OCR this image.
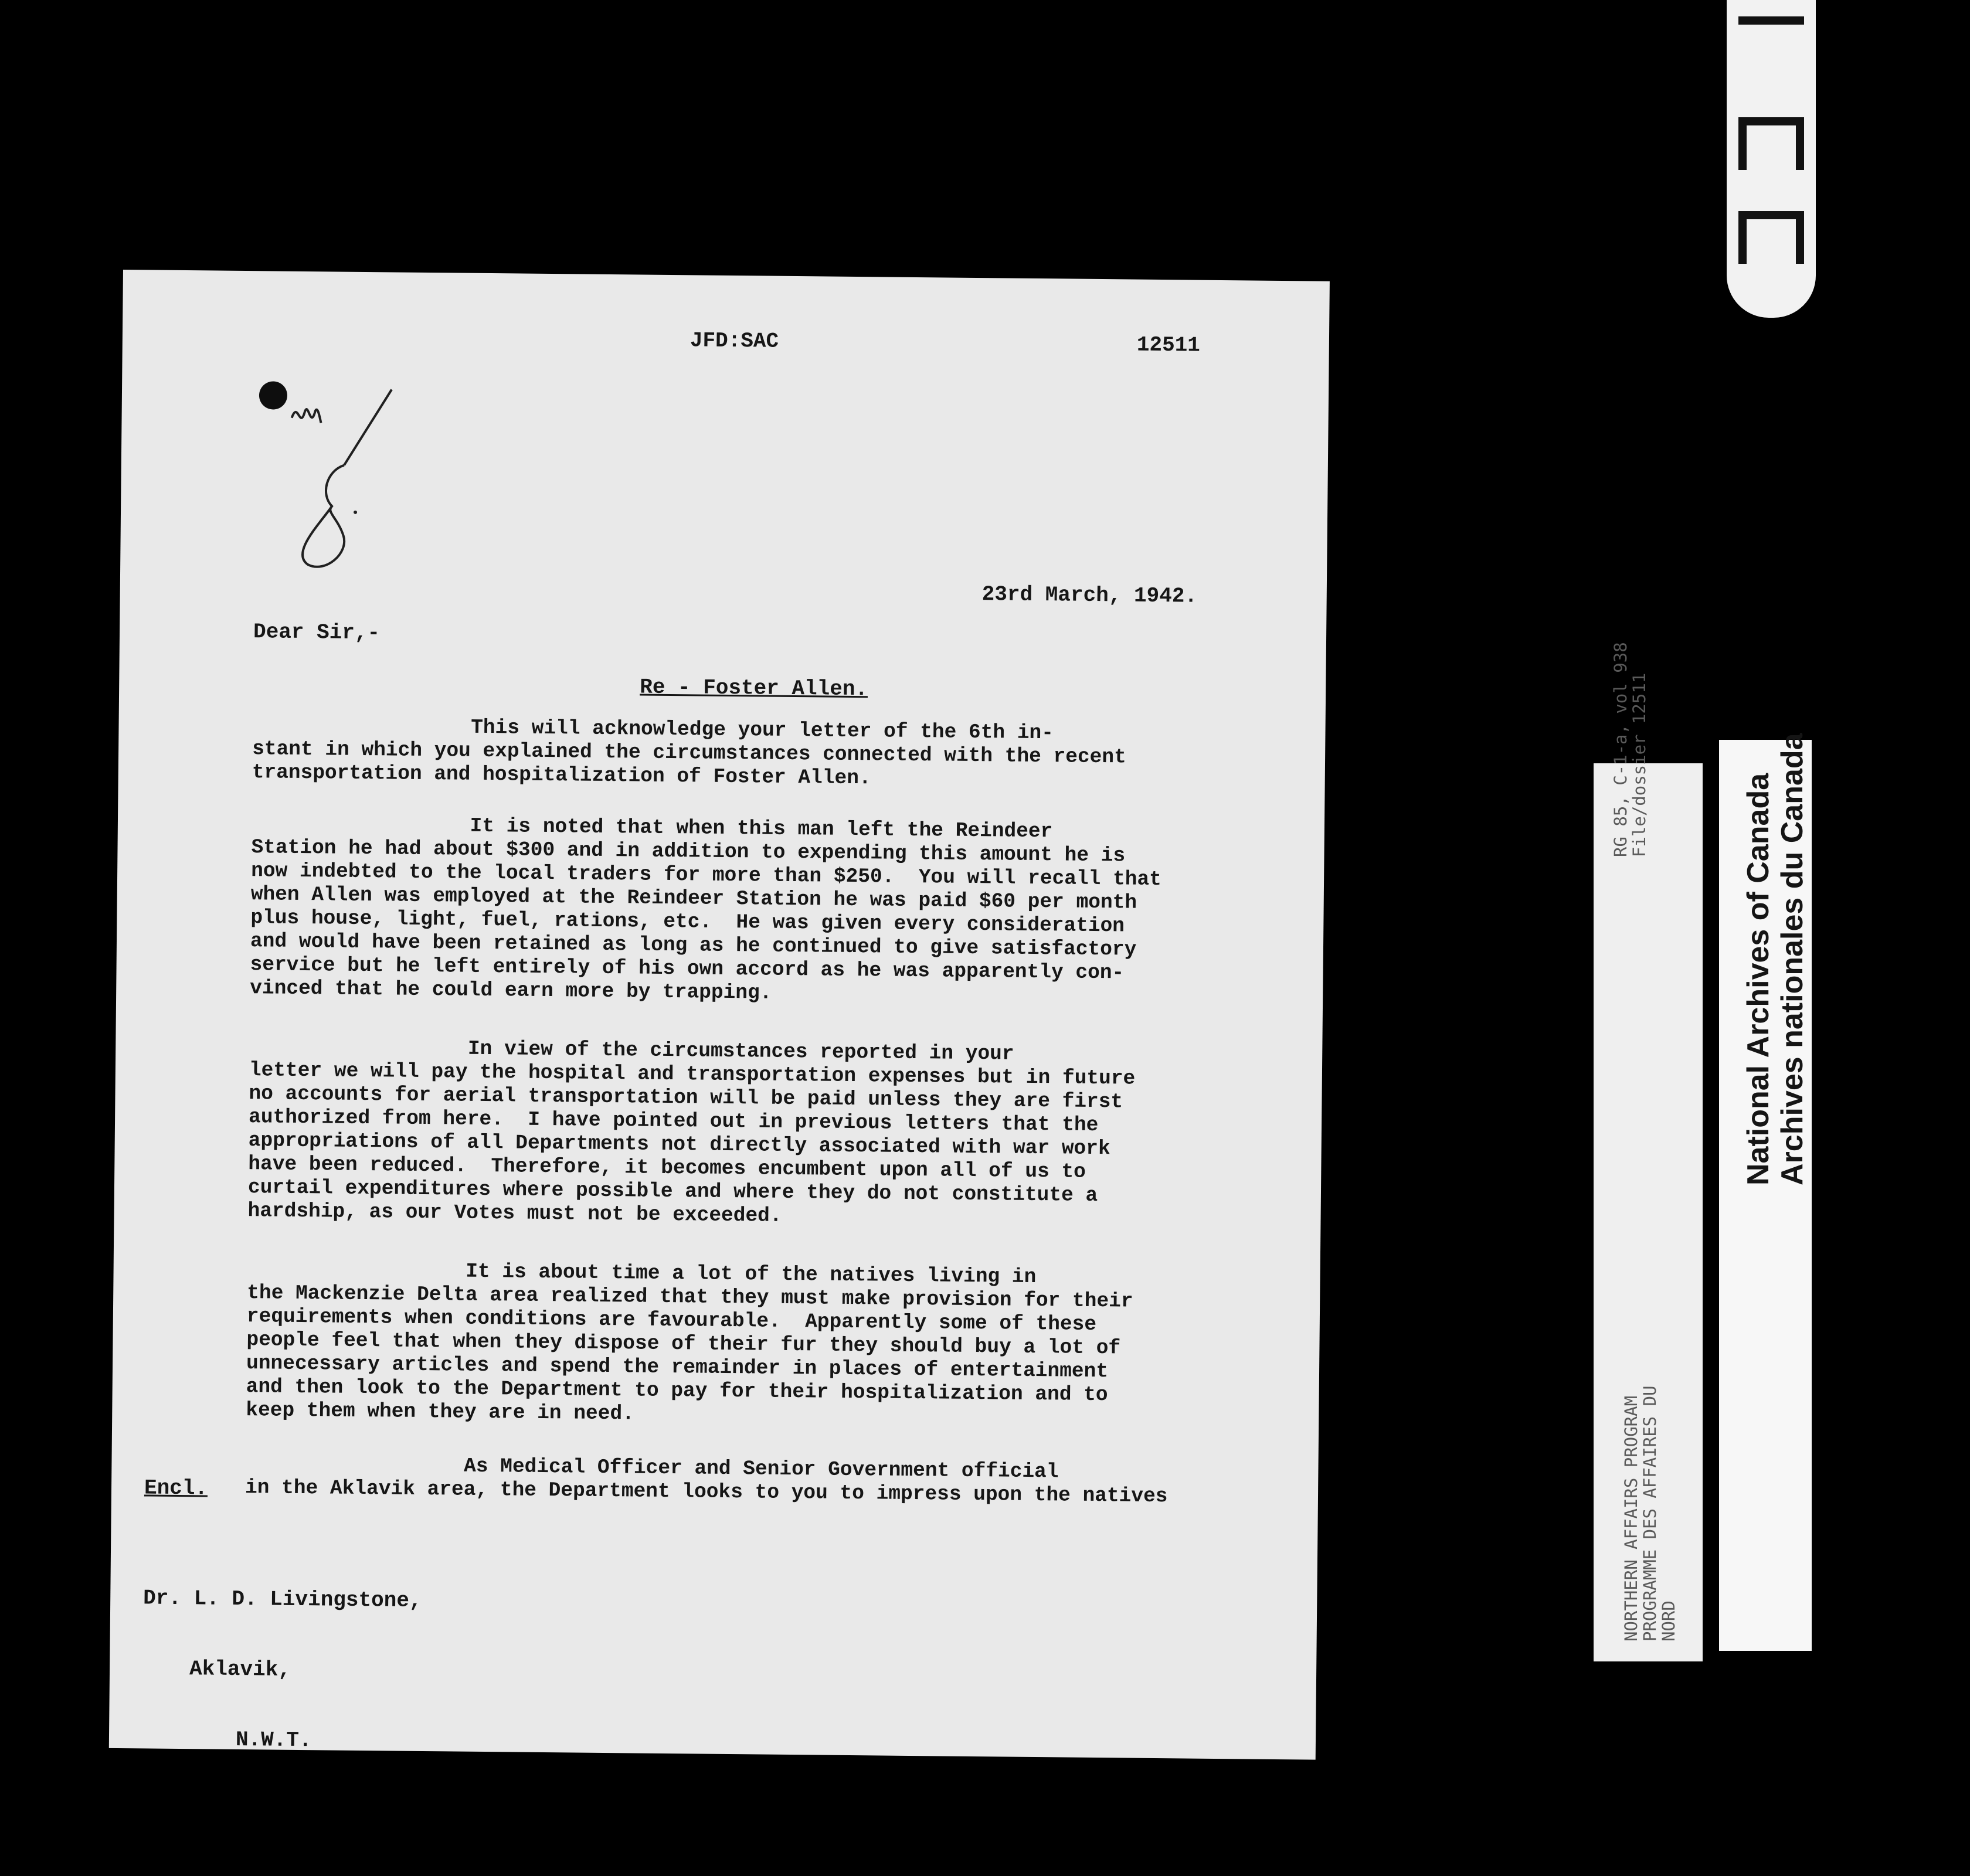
JFD:SAC	12511
23rd March, 1942.
Dear Sir,-
Re - Foster Allen.
This will acknowledge your letter of the 6th in-
stant in which you explained the circumstances connected with the recent
transportation and hospitalization of Foster Allen.
It is noted that when this man left the Reindeer
Station he had about $300 and in addition to expending this amount he is
now indebted to the local traders for more than $250.  You will recall that
when Allen was employed at the Reindeer Station he was paid $60 per month
plus house, light, fuel, rations, etc.  He was given every consideration
and would have been retained as long as he continued to give satisfactory
service but he left entirely of his own accord as he was apparently con-
vinced that he could earn more by trapping.
In view of the circumstances reported in your
letter we will pay the hospital and transportation expenses but in future
no accounts for aerial transportation will be paid unless they are first
authorized from here.  I have pointed out in previous letters that the
appropriations of all Departments not directly associated with war work
have been reduced.  Therefore, it becomes encumbent upon all of us to
curtail expenditures where possible and where they do not constitute a
hardship, as our Votes must not be exceeded.
It is about time a lot of the natives living in
the Mackenzie Delta area realized that they must make provision for their
requirements when conditions are favourable.  Apparently some of these
people feel that when they dispose of their fur they should buy a lot of
unnecessary articles and spend the remainder in places of entertainment
and then look to the Department to pay for their hospitalization and to
keep them when they are in need.
As Medical Officer and Senior Government official
in the Aklavik area, the Department looks to you to impress upon the natives
Encl.

Dr. L. D. Livingstone,

Aklavik,

N.W.T.

RG 85, C-1-a, vol 938
File/dossier 12511
NORTHERN AFFAIRS PROGRAM
PROGRAMME DES AFFAIRES DU
NORD
National Archives of Canada
Archives nationales du Canada
